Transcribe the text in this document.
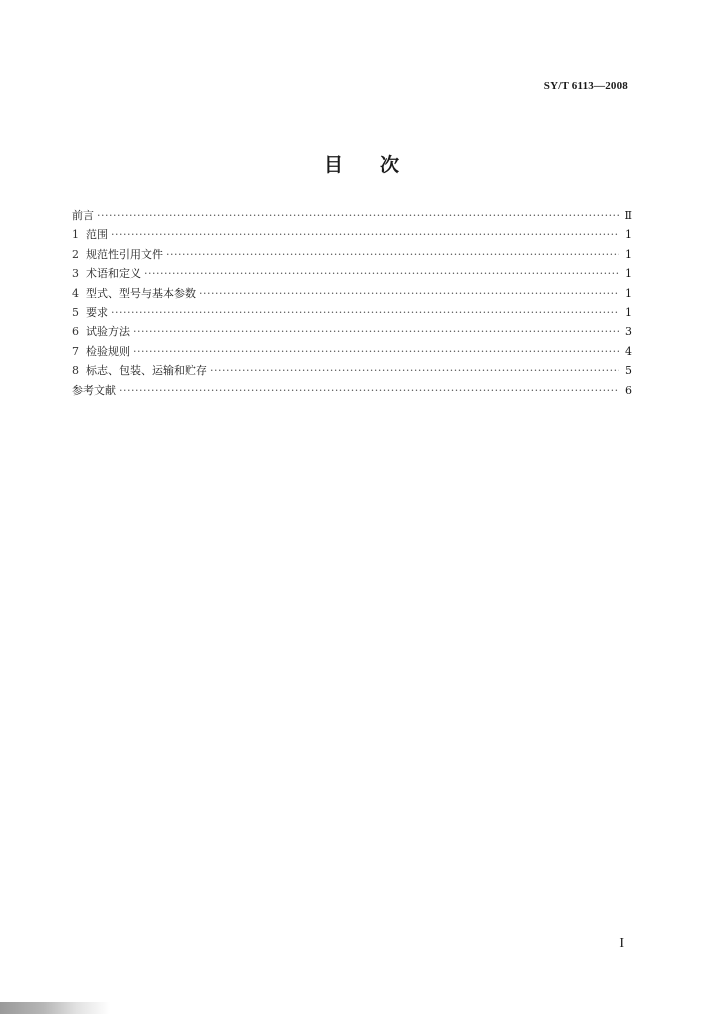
SY/T 6113—2008
目 次
前言 ·····	Ⅱ
1 范围 ·····	1
2 规范性引用文件 ·····	1
3 术语和定义 ·····	1
4 型式、型号与基本参数 ·····	1
5 要求 ·····	1
6 试验方法 ·····	3
7 检验规则 ·····	4
8 标志、包装、运输和贮存 ·····	5
参考文献 ·····	6
I
